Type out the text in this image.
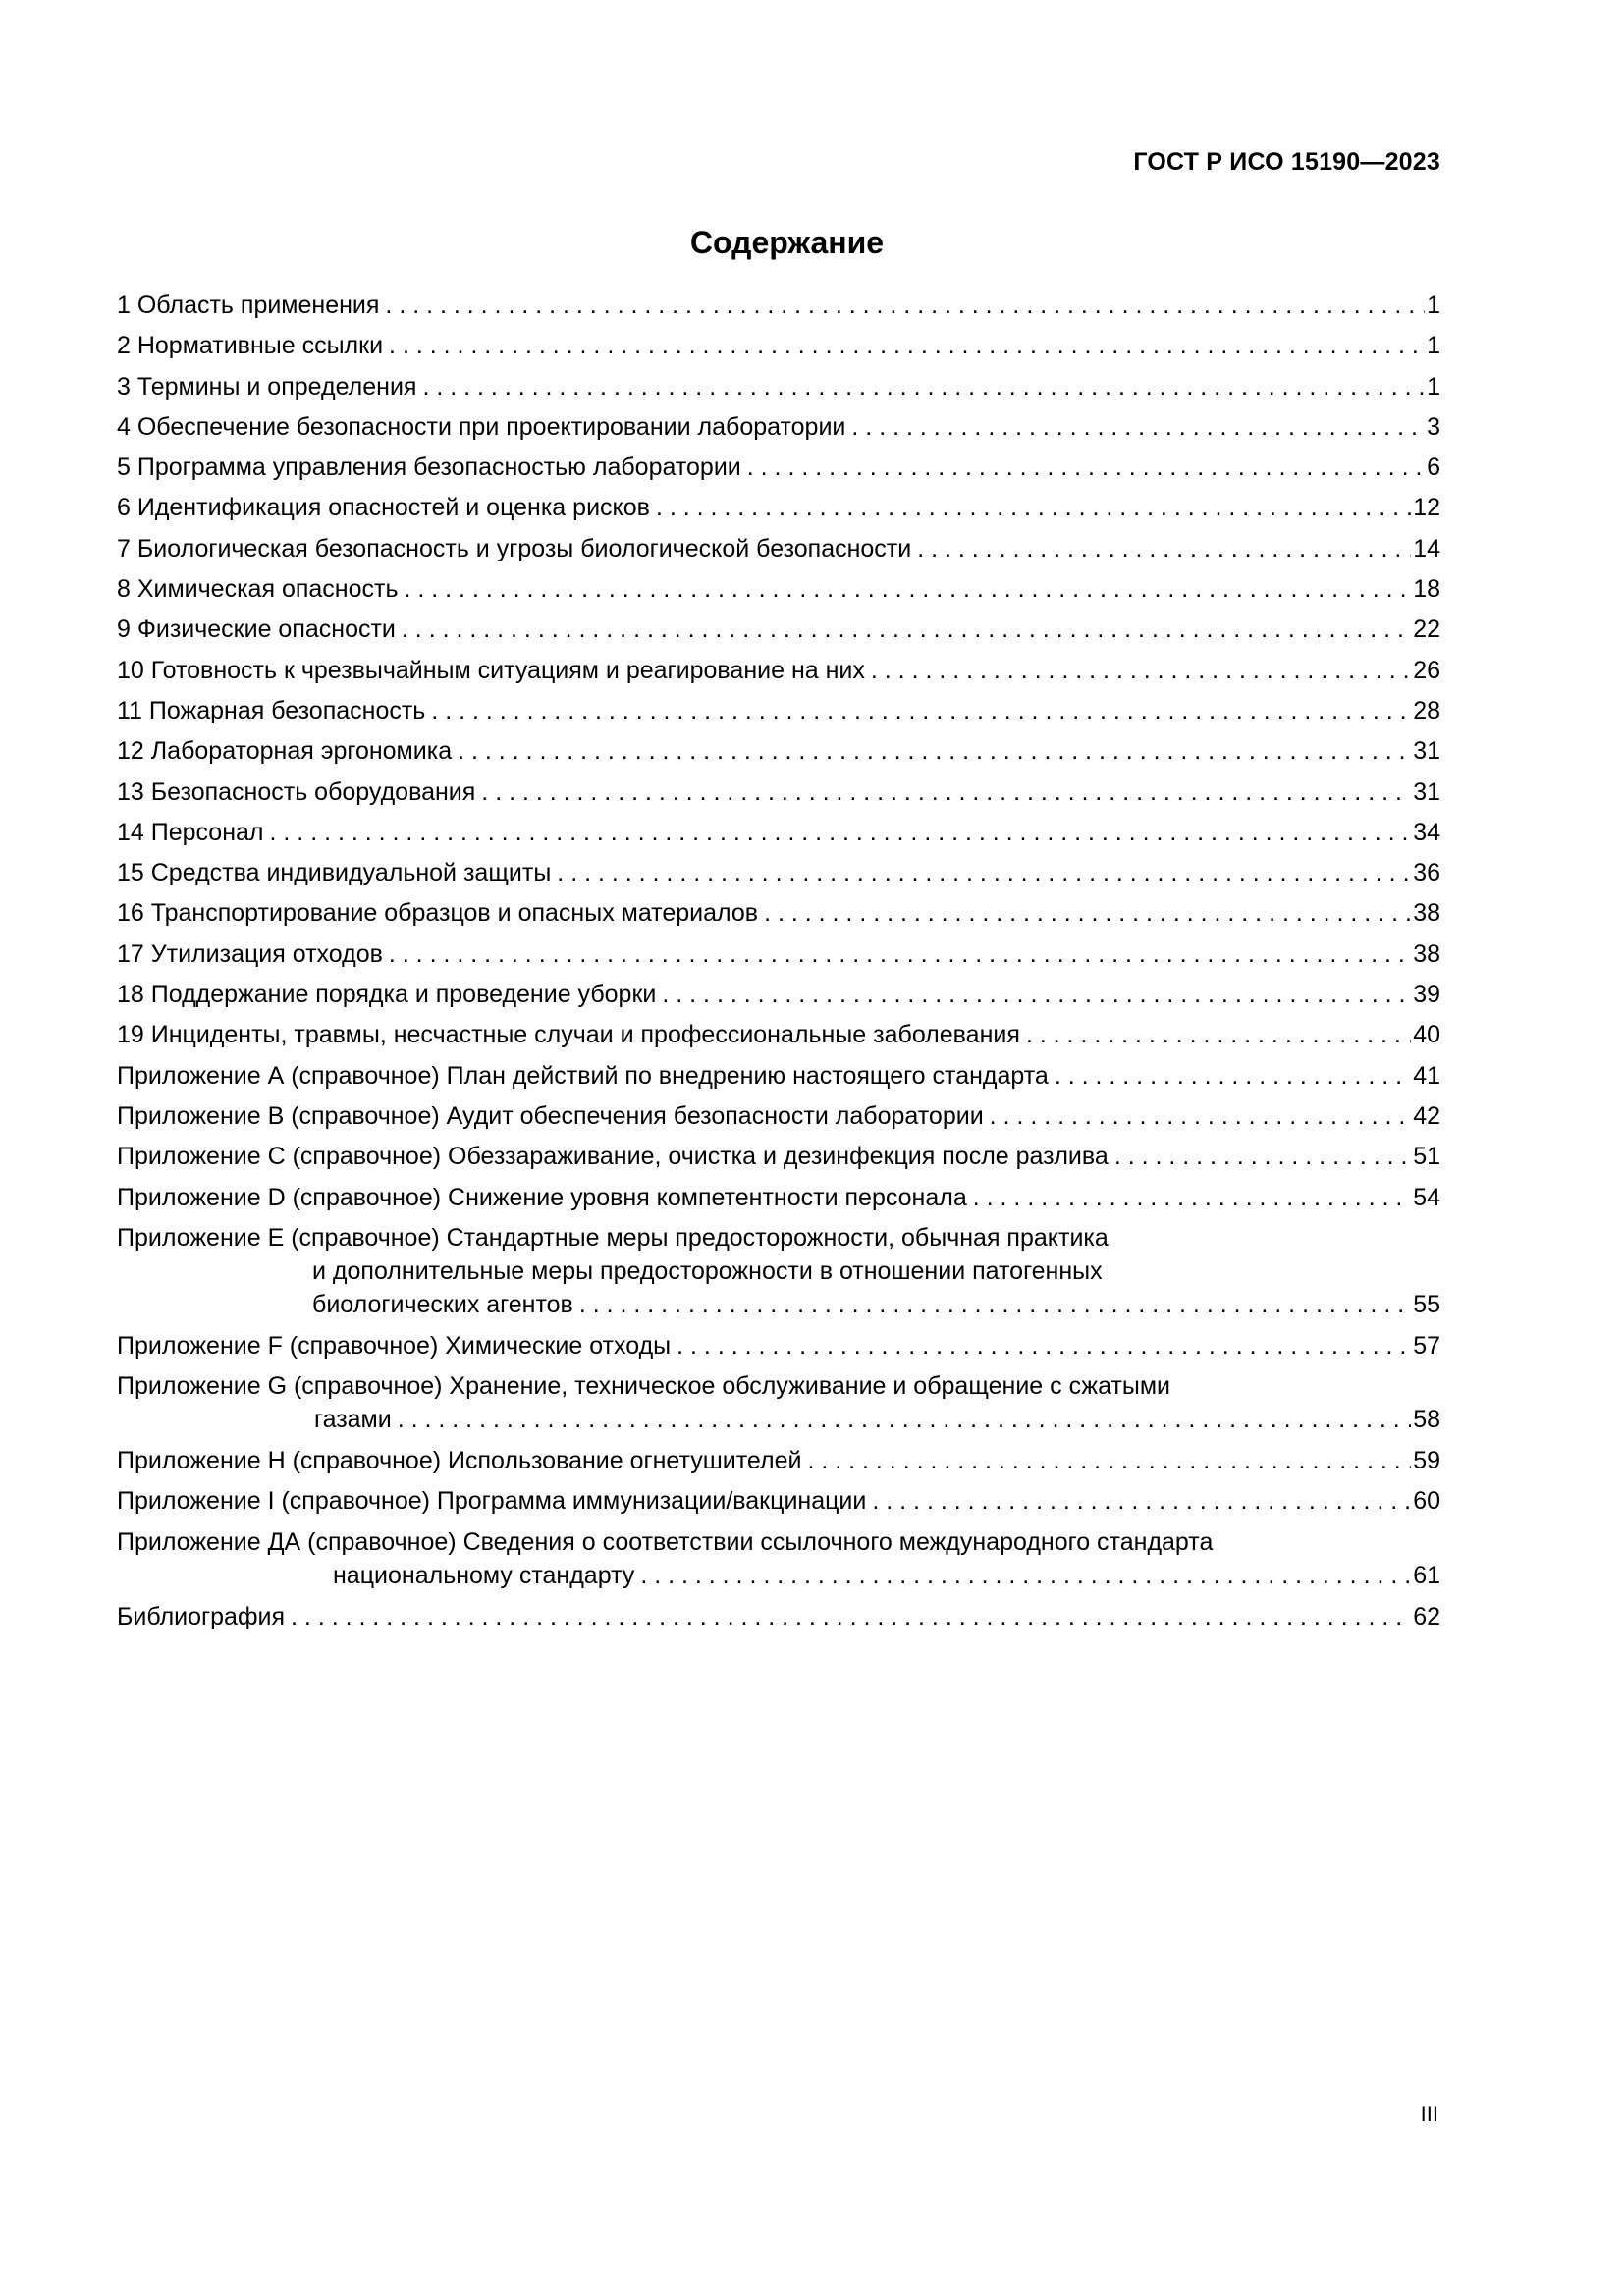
ГОСТ Р ИСО 15190—2023
Содержание
1 Область применения . . .	1
2 Нормативные ссылки . . .	1
3 Термины и определения . . .	1
4 Обеспечение безопасности при проектировании лаборатории . . .	3
5 Программа управления безопасностью лаборатории . . .	6
6 Идентификация опасностей и оценка рисков . . .	12
7 Биологическая безопасность и угрозы биологической безопасности . . .	14
8 Химическая опасность . . .	18
9 Физические опасности . . .	22
10 Готовность к чрезвычайным ситуациям и реагирование на них . . .	26
11 Пожарная безопасность . . .	28
12 Лабораторная эргономика . . .	31
13 Безопасность оборудования . . .	31
14 Персонал . . .	34
15 Средства индивидуальной защиты . . .	36
16 Транспортирование образцов и опасных материалов . . .	38
17 Утилизация отходов . . .	38
18 Поддержание порядка и проведение уборки . . .	39
19 Инциденты, травмы, несчастные случаи и профессиональные заболевания . . .	40
Приложение А (справочное) План действий по внедрению настоящего стандарта . . .	41
Приложение В (справочное) Аудит обеспечения безопасности лаборатории . . .	42
Приложение С (справочное) Обеззараживание, очистка и дезинфекция после разлива . . .	51
Приложение D (справочное) Снижение уровня компетентности персонала . . .	54
Приложение Е (справочное) Стандартные меры предосторожности, обычная практика
и дополнительные меры предосторожности в отношении патогенных
биологических агентов . . .	55
Приложение F (справочное) Химические отходы . . .	57
Приложение G (справочное) Хранение, техническое обслуживание и обращение с сжатыми
газами . . .	58
Приложение Н (справочное) Использование огнетушителей . . .	59
Приложение I (справочное) Программа иммунизации/вакцинации . . .	60
Приложение ДА (справочное) Сведения о соответствии ссылочного международного стандарта
национальному стандарту . . .	61
Библиография . . .	62
III
